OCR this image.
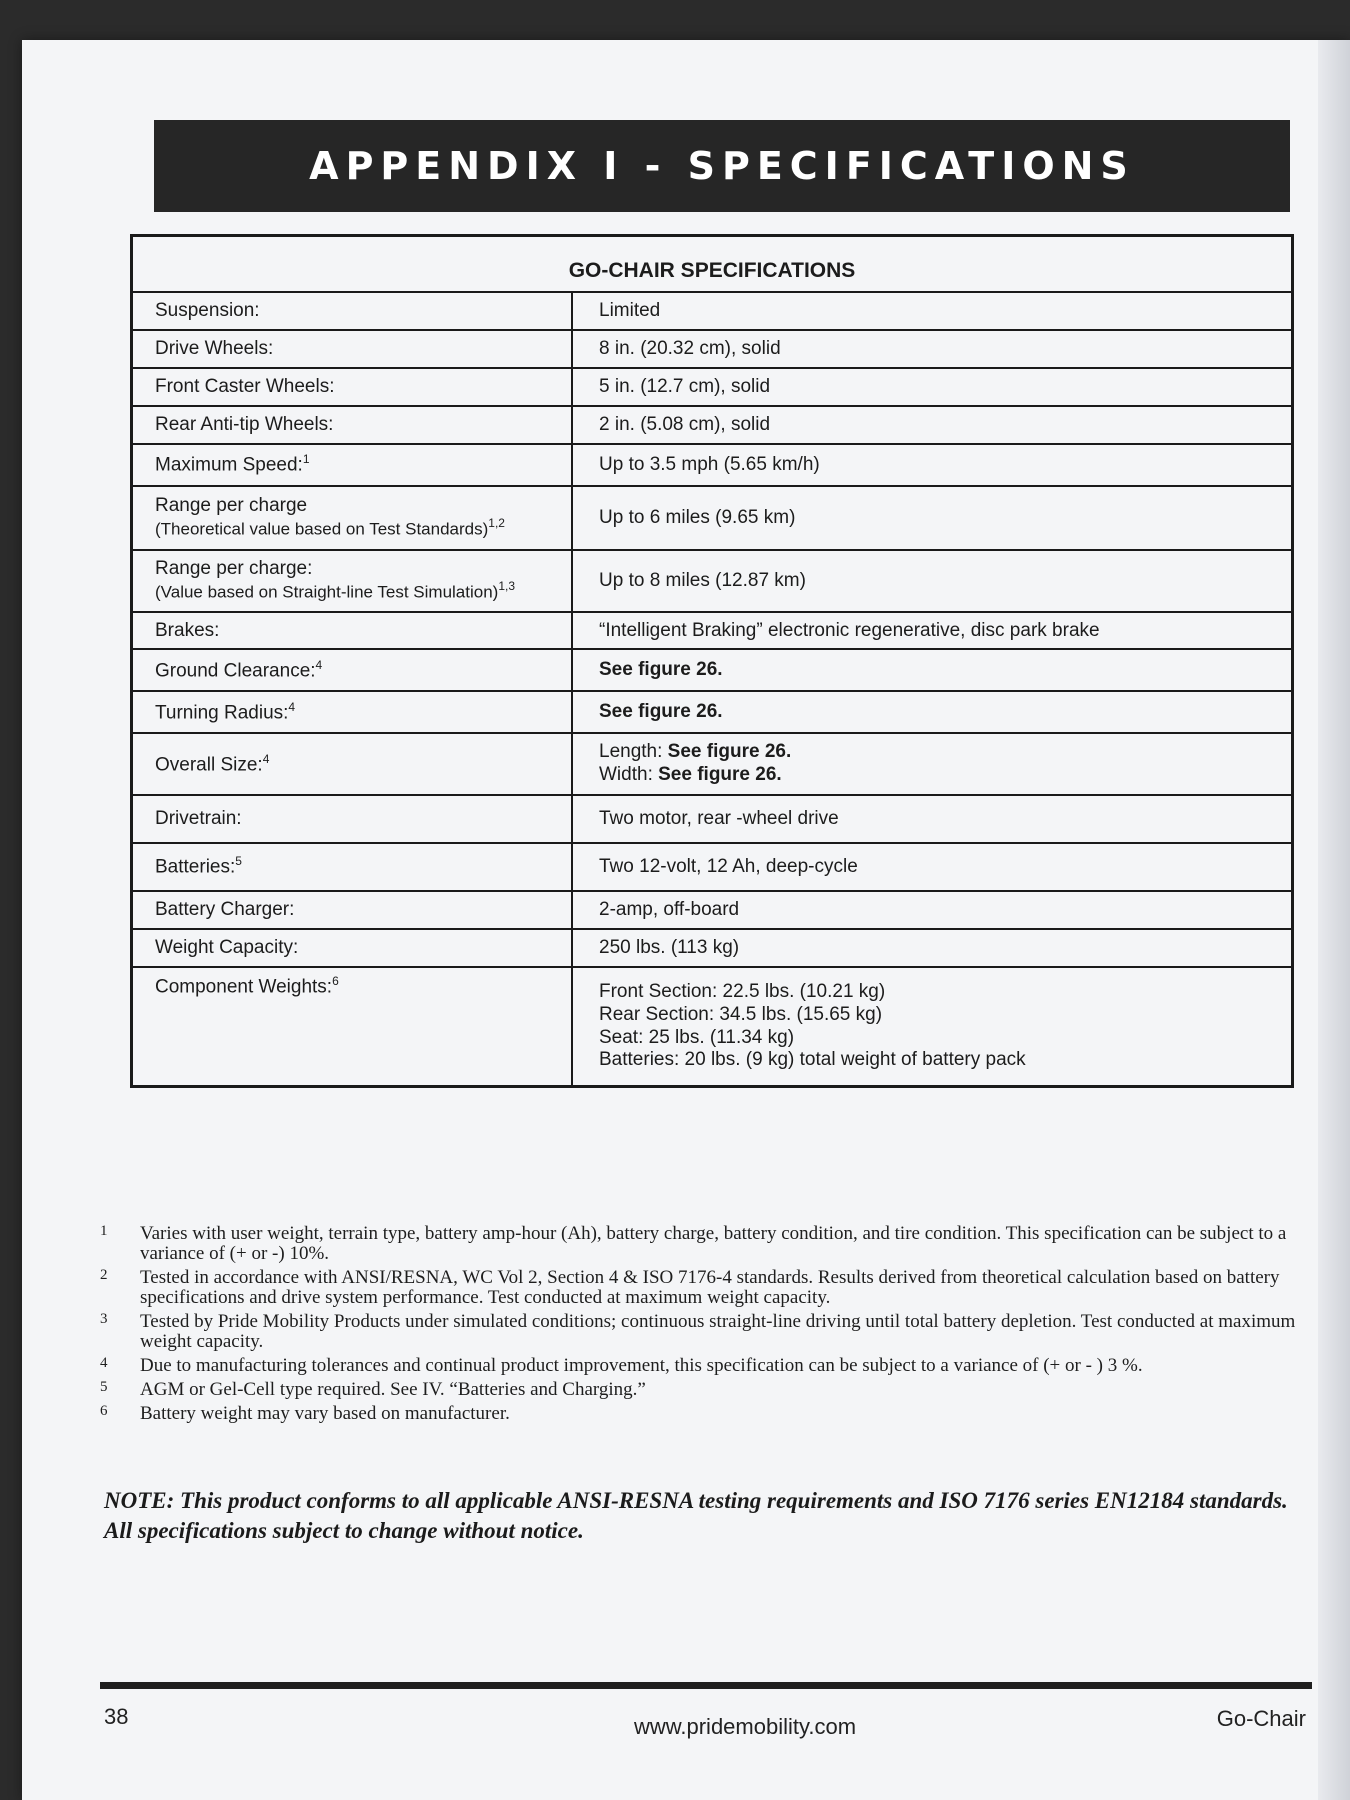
APPENDIX I - SPECIFICATIONS
GO-CHAIR SPECIFICATIONS	
Suspension:	Limited
Drive Wheels:	8 in. (20.32 cm), solid
Front Caster Wheels:	5 in. (12.7 cm), solid
Rear Anti-tip Wheels:	2 in. (5.08 cm), solid
Maximum Speed:$^1$	Up to 3.5 mph (5.65 km/h)
Range per charge
(Theoretical value based on Test Standards)$^{1,2}$	Up to 6 miles (9.65 km)
Range per charge:
(Value based on Straight-line Test Simulation)$^{1,3}$	Up to 8 miles (12.87 km)
Brakes:	“Intelligent Braking” electronic regenerative, disc park brake
Ground Clearance:$^4$	See figure 26.
Turning Radius:$^4$	See figure 26.
Overall Size:$^4$	Length: See figure 26.
Width: See figure 26.

Drivetrain:	Two motor, rear -wheel drive
Batteries:$^5$	Two 12-volt, 12 Ah, deep-cycle
Battery Charger:	2-amp, off-board
Weight Capacity:	250 lbs. (113 kg)
Component Weights:$^6$	Front Section: 22.5 lbs. (10.21 kg)
Rear Section: 34.5 lbs. (15.65 kg)
Seat: 25 lbs. (11.34 kg)
Batteries: 20 lbs. (9 kg) total weight of battery pack
1	Varies with user weight, terrain type, battery amp-hour (Ah), battery charge, battery condition, and tire condition. This specification can be subject to a variance of (+ or -) 10%.
2	Tested in accordance with ANSI/RESNA, WC Vol 2, Section 4 & ISO 7176-4 standards. Results derived from theoretical calculation based on battery specifications and drive system performance. Test conducted at maximum weight capacity.
3	Tested by Pride Mobility Products under simulated conditions; continuous straight-line driving until total battery depletion. Test conducted at maximum weight capacity.
4	Due to manufacturing tolerances and continual product improvement, this specification can be subject to a variance of (+ or - ) 3 %.
5	AGM or Gel-Cell type required. See IV. “Batteries and Charging.”
6	Battery weight may vary based on manufacturer.
NOTE: This product conforms to all applicable ANSI-RESNA testing requirements and ISO 7176 series EN12184 standards. All specifications subject to change without notice.
38	www.pridemobility.com	Go-Chair
